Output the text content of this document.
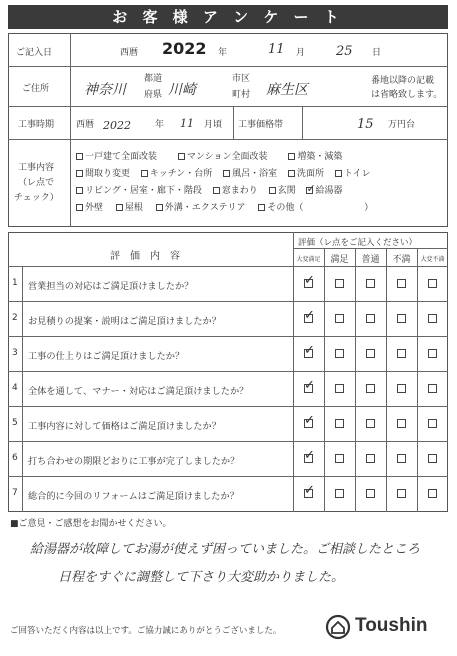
お 客 様 ア ン ケ ー ト
ご記入日	西暦 2022 年	11 月 25 日
ご住所 神奈川
都道
府県 川崎
市区
町村 麻生区
番地以降の記載
は省略致します。
工事時期 西暦 2022	年 11 月頃 工事価格帯	15 万円台
工事内容
（レ点で
チェック）
一戸建て全面改装	マンション全面改装	増築・減築
間取り変更 キッチン・台所 風呂・浴室 洗面所 トイレ
リビング・居室・廊下・階段 窓まわり 玄関 ✓ 給湯器
外壁 屋根 外溝・エクステリア その他（	）
評　価　内　容
評価（レ点をご記入ください）
大変満足	満足	普通	不満	大変不満
1 営業担当の対応はご満足頂けましたか？	✓
2 お見積りの提案・説明はご満足頂けましたか？	✓
3 工事の仕上りはご満足頂けましたか？	✓
4 全体を通して、マナー・対応はご満足頂けましたか？	✓
5 工事内容に対して価格はご満足頂けましたか？	✓
6 打ち合わせの期限どおりに工事が完了しましたか？	✓
7 総合的に今回のリフォームはご満足頂けましたか？	✓
■ご意見・ご感想をお聞かせください。
給湯器が故障してお湯が使えず困っていました。ご相談したところ
日程をすぐに調整して下さり大変助かりました。
ご回答いただく内容は以上です。ご協力誠にありがとうございました。	Toushin
